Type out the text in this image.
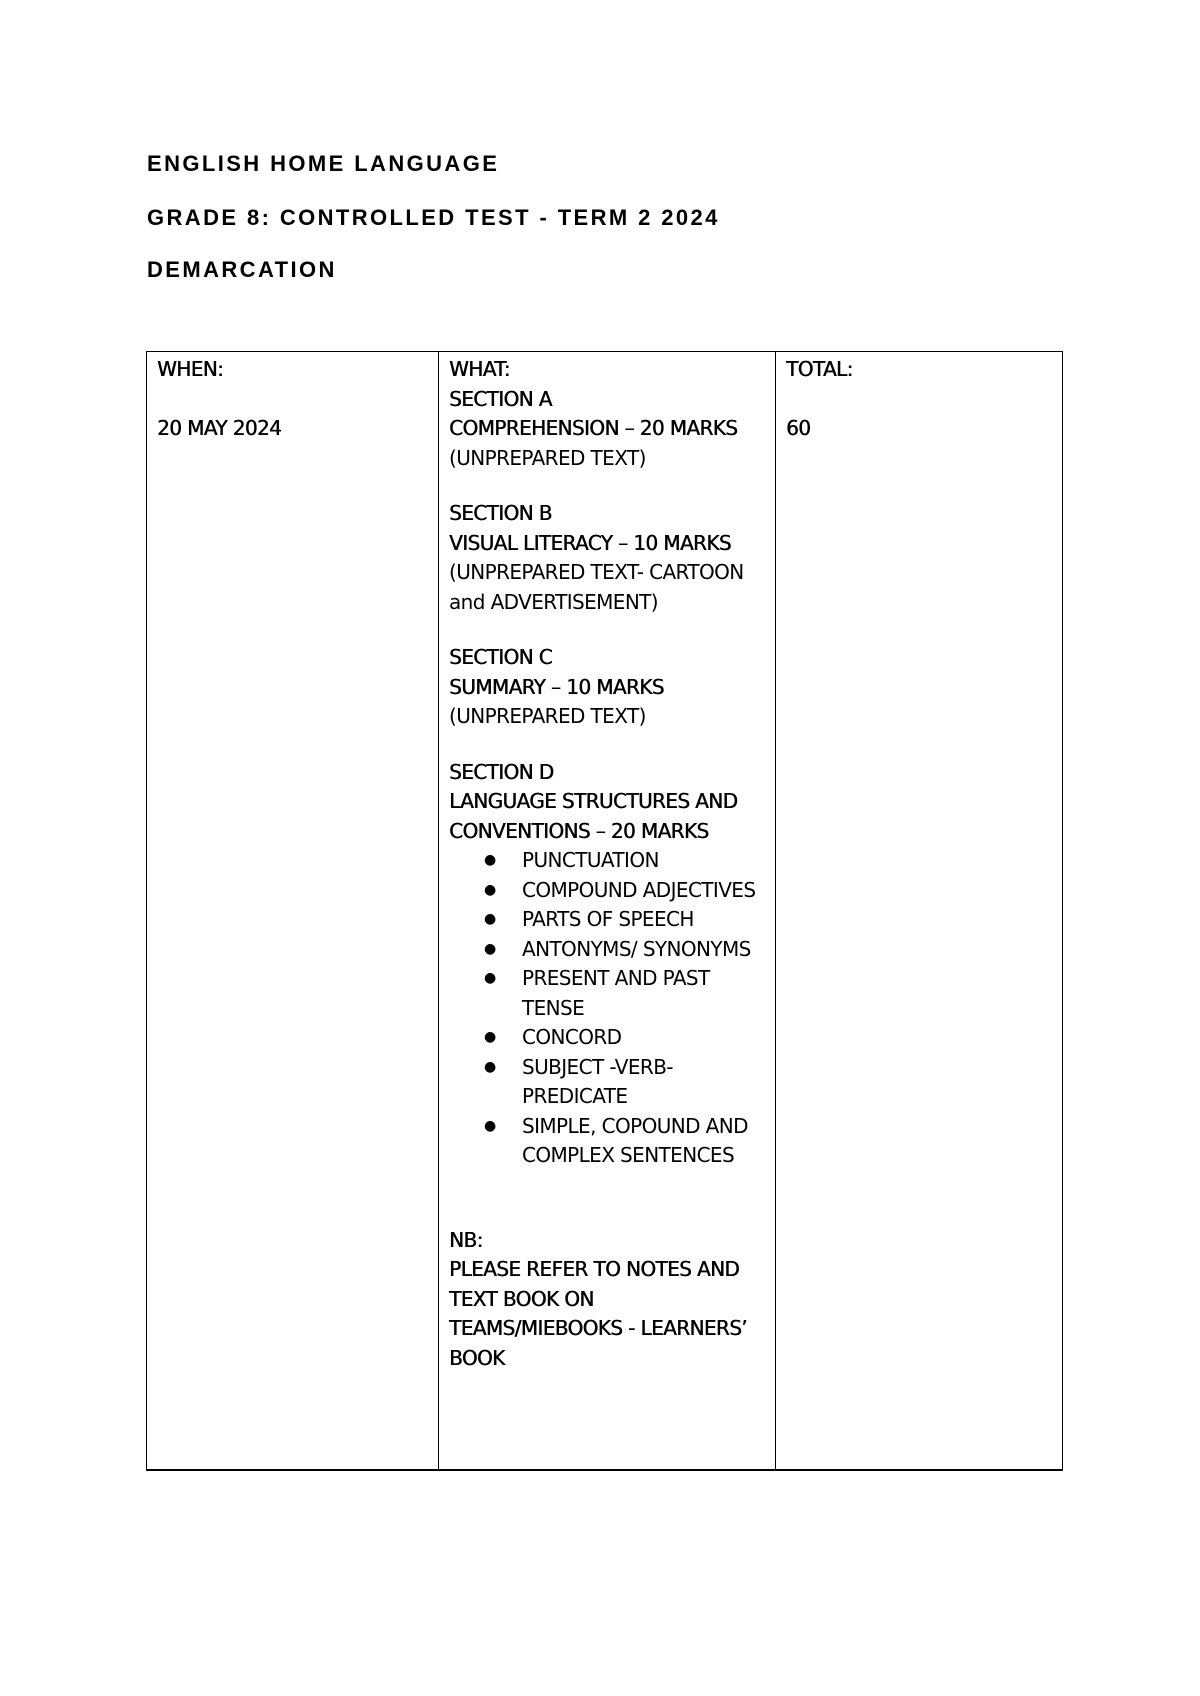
ENGLISH HOME LANGUAGE
GRADE 8: CONTROLLED TEST - TERM 2 2024
DEMARCATION
WHEN:
20 MAY 2024

WHAT:
SECTION A
COMPREHENSION – 20 MARKS
(UNPREPARED TEXT)
SECTION B
VISUAL LITERACY – 10 MARKS
(UNPREPARED TEXT- CARTOON and ADVERTISEMENT)
SECTION C
SUMMARY – 10 MARKS
(UNPREPARED TEXT)
SECTION D
LANGUAGE STRUCTURES AND CONVENTIONS – 20 MARKS
● PUNCTUATION
● COMPOUND ADJECTIVES
● PARTS OF SPEECH
● ANTONYMS/ SYNONYMS
● PRESENT AND PAST TENSE
● CONCORD
● SUBJECT -VERB-PREDICATE
● SIMPLE, COPOUND AND COMPLEX SENTENCES
NB:
PLEASE REFER TO NOTES AND TEXT BOOK ON TEAMS/MIEBOOKS - LEARNERS’ BOOK

TOTAL:
60
